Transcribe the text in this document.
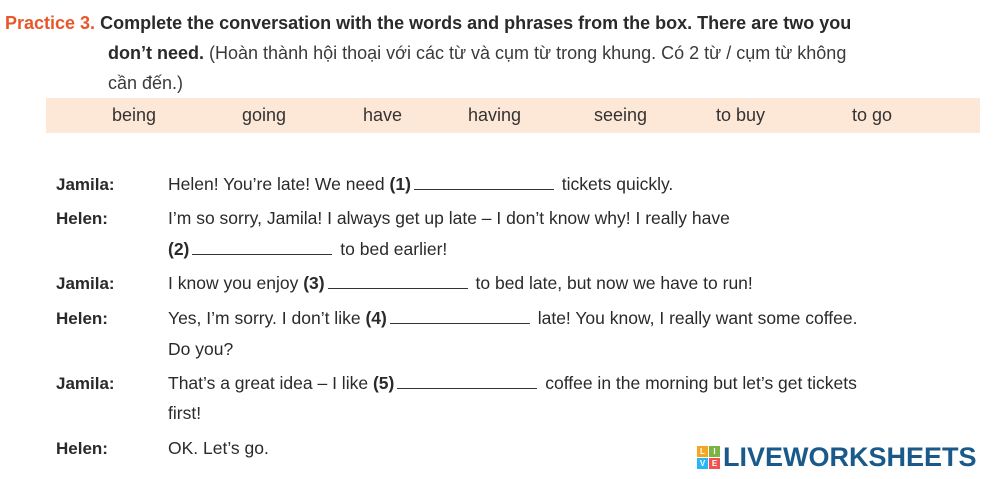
Practice 3. Complete the conversation with the words and phrases from the box. There are two you
don’t need. (Hoàn thành hội thoại với các từ và cụm từ trong khung. Có 2 từ / cụm từ không
cần đến.)
being	going	have	having	seeing	to buy	to go
Jamila:	Helen! You’re late! We need (1)	tickets quickly.
Helen:	I’m so sorry, Jamila! I always get up late – I don’t know why! I really have
(2)	to bed earlier!
Jamila:	I know you enjoy (3)	to bed late, but now we have to run!
Helen:	Yes, I’m sorry. I don’t like (4)	late! You know, I really want some coffee.
Do you?
Jamila:	That’s a great idea – I like (5)	coffee in the morning but let’s get tickets
first!
Helen:	OK. Let’s go.	L	I
V E LIVEWORKSHEETS
